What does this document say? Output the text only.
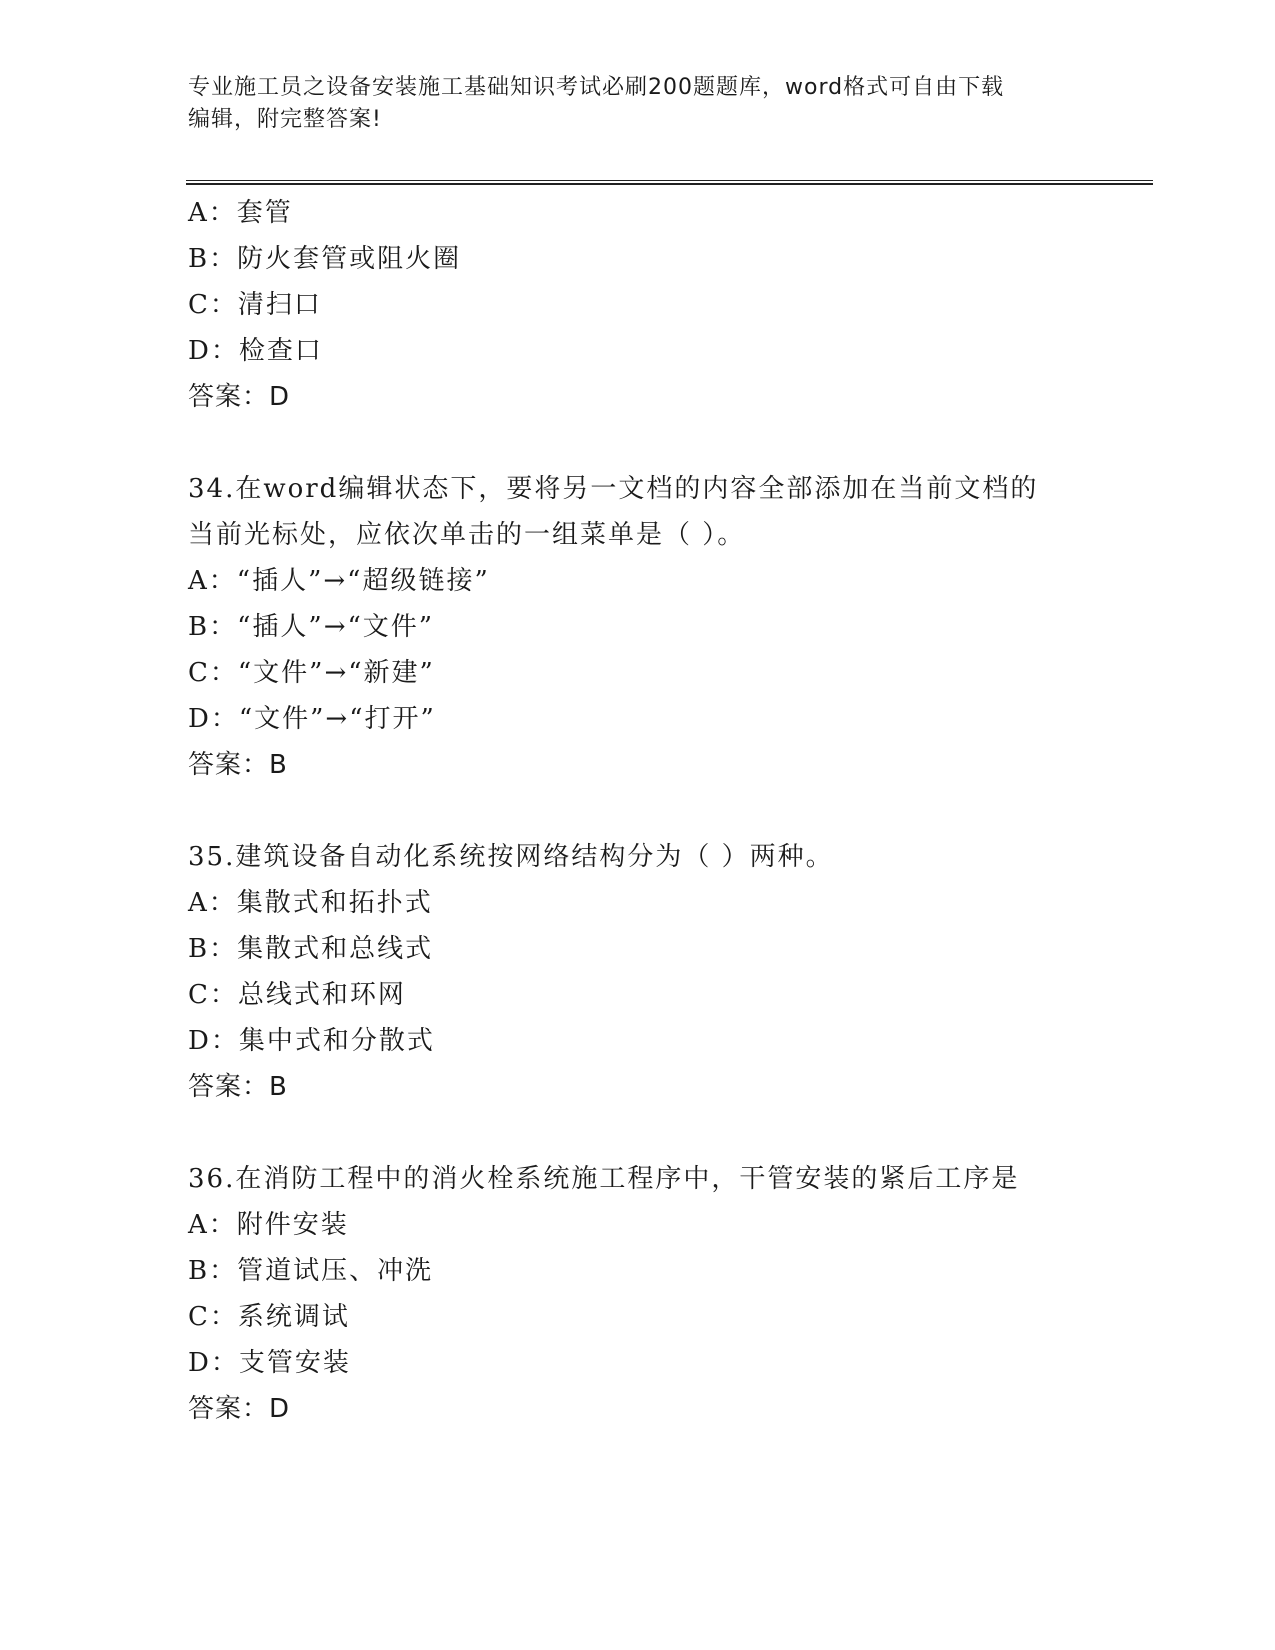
专业施工员之设备安装施工基础知识考试必刷200题题库，word格式可自由下载
编辑，附完整答案!
A：套管
B：防火套管或阻火圈
C：清扫口
D：检查口
答案：D
34.在word编辑状态下，要将另一文档的内容全部添加在当前文档的
当前光标处，应依次单击的一组菜单是（ ）。
A：“插人”→“超级链接”
B：“插人”→“文件”
C：“文件”→“新建”
D：“文件”→“打开”
答案：B
35.建筑设备自动化系统按网络结构分为（ ）两种。
A：集散式和拓扑式
B：集散式和总线式
C：总线式和环网
D：集中式和分散式
答案：B
36.在消防工程中的消火栓系统施工程序中，干管安装的紧后工序是
A：附件安装
B：管道试压、冲洗
C：系统调试
D：支管安装
答案：D
